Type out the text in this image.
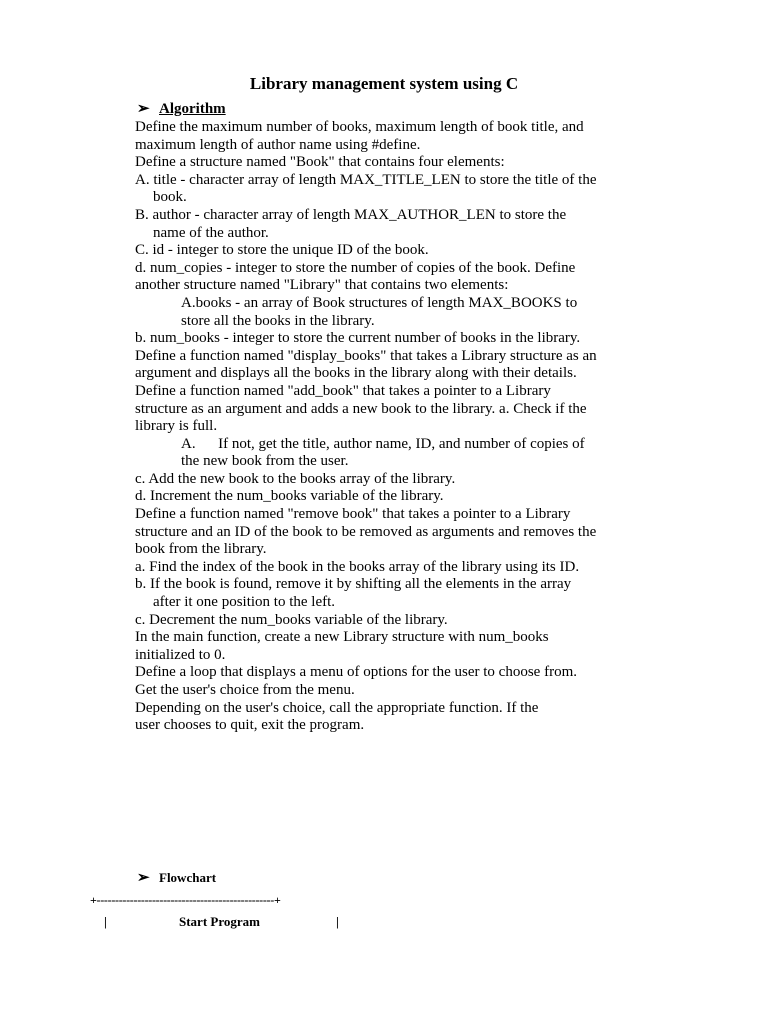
Library management system using C
➢ Algorithm
Define the maximum number of books, maximum length of book title, and
maximum length of author name using #define.
Define a structure named "Book" that contains four elements:
A. title - character array of length MAX_TITLE_LEN to store the title of the
book.
B. author - character array of length MAX_AUTHOR_LEN to store the
name of the author.
C. id - integer to store the unique ID of the book.
d. num_copies - integer to store the number of copies of the book. Define
another structure named "Library" that contains two elements:
A.books - an array of Book structures of length MAX_BOOKS to
store all the books in the library.
b. num_books - integer to store the current number of books in the library.
Define a function named "display_books" that takes a Library structure as an
argument and displays all the books in the library along with their details.
Define a function named "add_book" that takes a pointer to a Library
structure as an argument and adds a new book to the library. a. Check if the
library is full.
A.      If not, get the title, author name, ID, and number of copies of
the new book from the user.
c. Add the new book to the books array of the library.
d. Increment the num_books variable of the library.
Define a function named "remove book" that takes a pointer to a Library
structure and an ID of the book to be removed as arguments and removes the
book from the library.
a. Find the index of the book in the books array of the library using its ID.
b. If the book is found, remove it by shifting all the elements in the array
after it one position to the left.
c. Decrement the num_books variable of the library.
In the main function, create a new Library structure with num_books
initialized to 0.
Define a loop that displays a menu of options for the user to choose from.
Get the user's choice from the menu.
Depending on the user's choice, call the appropriate function. If the
user chooses to quit, exit the program.
➢ Flowchart
+------------------------------------------------+
|	Start Program	|
